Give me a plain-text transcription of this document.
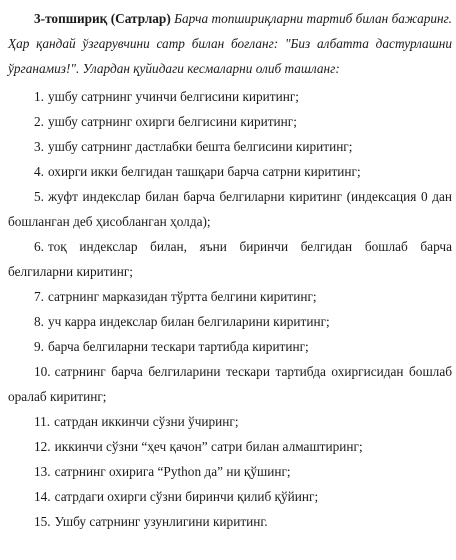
3-топшириқ (Сатрлар) Барча топшириқларни тартиб билан бажаринг. Ҳар қандай ўзгарувчини сатр билан боғланг: "Биз албатта дастурлашни ўрганамиз!". Улардан қуйидаги кесмаларни олиб ташланг:

1. ушбу сатрнинг учинчи белгисини киритинг;

2. ушбу сатрнинг охирги белгисини киритинг;

3. ушбу сатрнинг дастлабки бешта белгисини киритинг;

4. охирги икки белгидан ташқари барча сатрни киритинг;

5. жуфт индекслар билан барча белгиларни киритинг (индексация 0 дан бошланган деб ҳисобланган ҳолда);

6. тоқ индекслар билан, яъни биринчи белгидан бошлаб барча белгиларни киритинг;

7. сатрнинг марказидан тўртта белгини киритинг;

8. уч карра индекслар билан белгиларини киритинг;

9. барча белгиларни тескари тартибда киритинг;

10. сатрнинг барча белгиларини тескари тартибда охиргисидан бошлаб оралаб киритинг;

11. сатрдан иккинчи сўзни ўчиринг;

12. иккинчи сўзни “ҳеч қачон” сатри билан алмаштиринг;

13. сатрнинг охирига “Python да” ни қўшинг;

14. сатрдаги охирги сўзни биринчи қилиб қўйинг;

15. Ушбу сатрнинг узунлигини киритинг.
